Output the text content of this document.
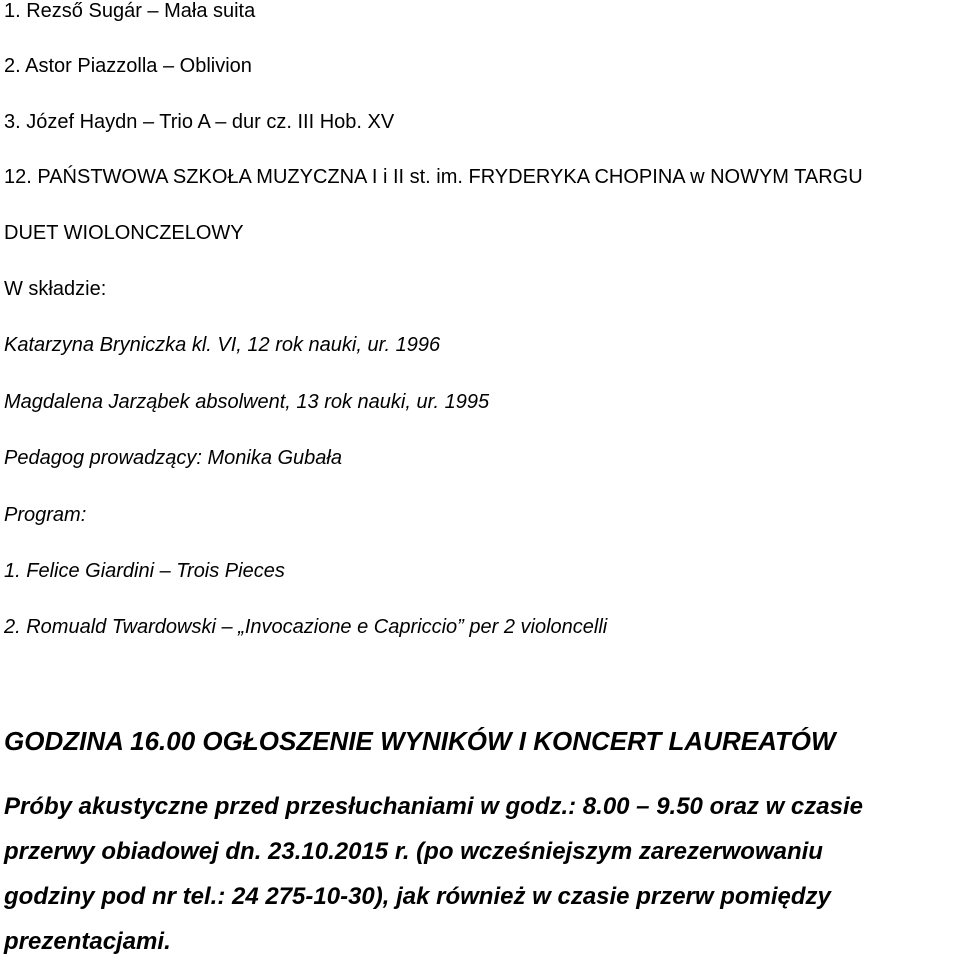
1. Rezső Sugár – Mała suita
2. Astor Piazzolla – Oblivion
3. Józef Haydn – Trio A – dur cz. III Hob. XV
12. PAŃSTWOWA SZKOŁA MUZYCZNA I i II st. im. FRYDERYKA CHOPINA w NOWYM TARGU
DUET WIOLONCZELOWY
W składzie:
Katarzyna Bryniczka kl. VI, 12 rok nauki, ur. 1996
Magdalena Jarząbek absolwent, 13 rok nauki, ur. 1995
Pedagog prowadzący: Monika Gubała
Program:
1. Felice Giardini – Trois Pieces
2. Romuald Twardowski – „Invocazione e Capriccio” per 2 violoncelli
GODZINA 16.00 OGŁOSZENIE WYNIKÓW I KONCERT LAUREATÓW
Próby akustyczne przed przesłuchaniami w godz.: 8.00 – 9.50 oraz w czasie
przerwy obiadowej dn. 23.10.2015 r. (po wcześniejszym zarezerwowaniu
godziny pod nr tel.: 24 275-10-30), jak również w czasie przerw pomiędzy
prezentacjami.
